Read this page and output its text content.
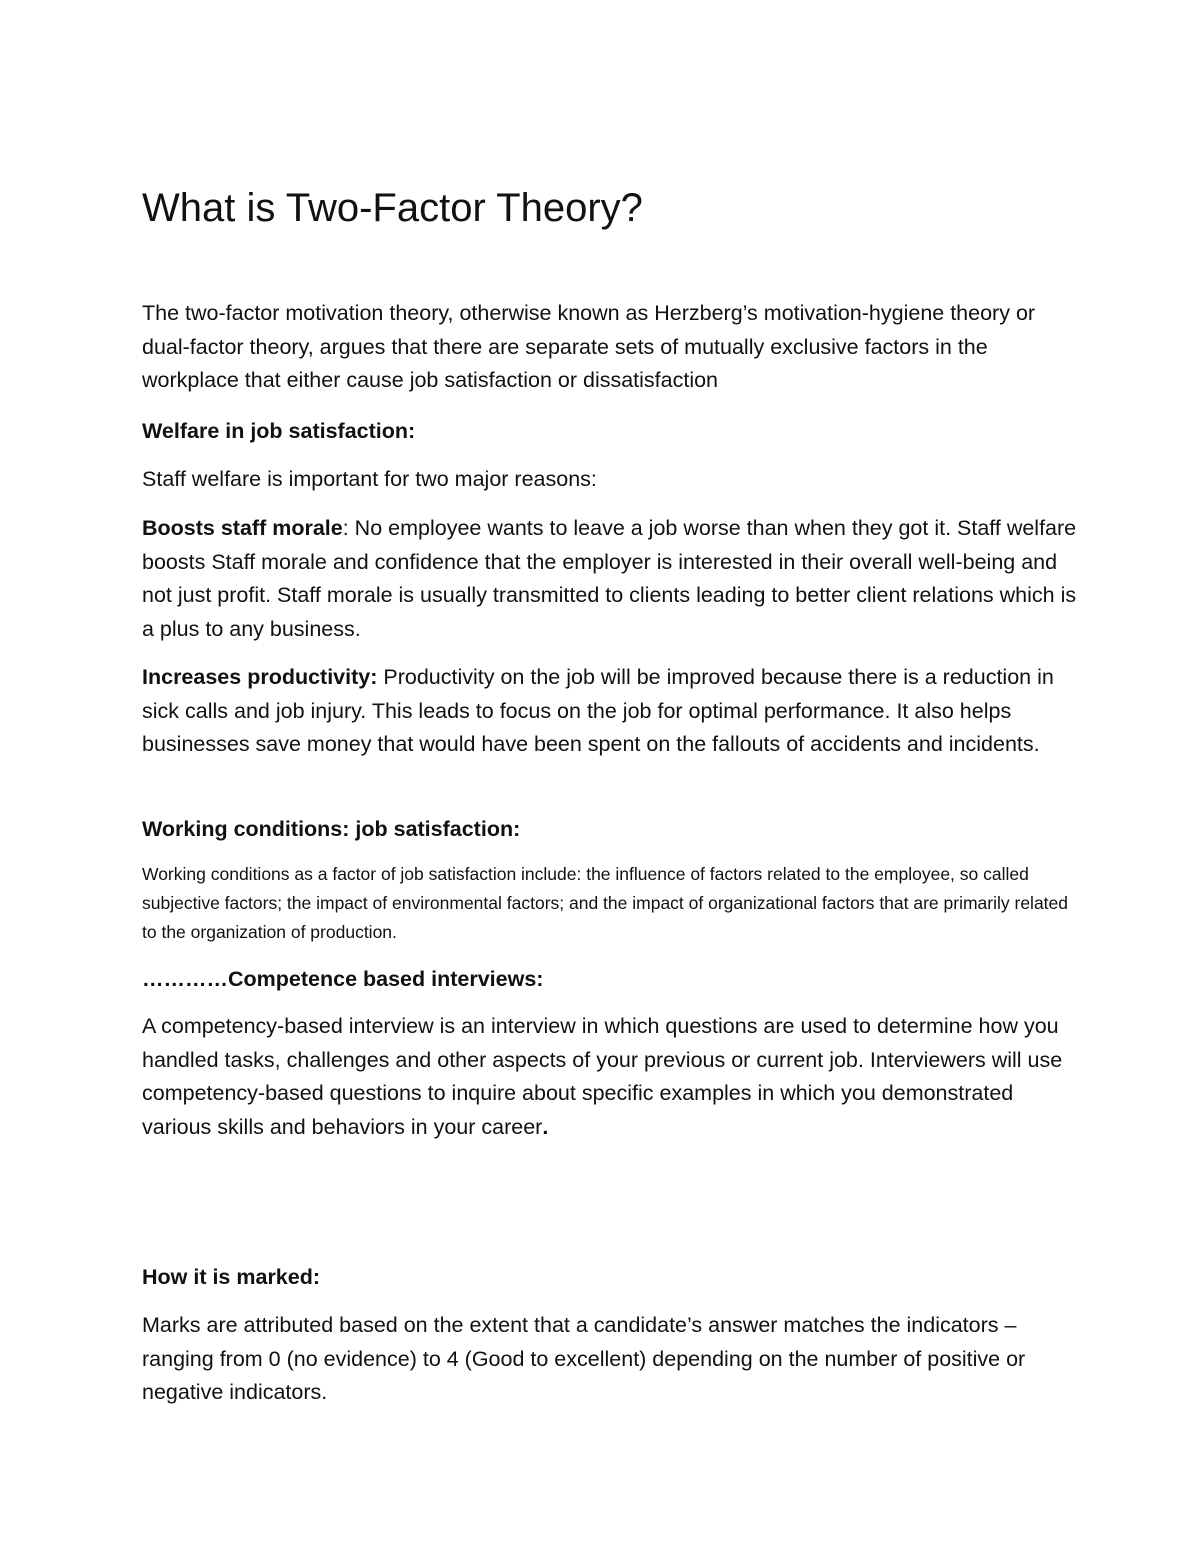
What is Two-Factor Theory?

The two-factor motivation theory, otherwise known as Herzberg’s motivation-hygiene theory or dual-factor theory, argues that there are separate sets of mutually exclusive factors in the workplace that either cause job satisfaction or dissatisfaction

Welfare in job satisfaction:

Staff welfare is important for two major reasons:

Boosts staff morale: No employee wants to leave a job worse than when they got it. Staff welfare boosts Staff morale and confidence that the employer is interested in their overall well-being and not just profit. Staff morale is usually transmitted to clients leading to better client relations which is a plus to any business.

Increases productivity: Productivity on the job will be improved because there is a reduction in sick calls and job injury. This leads to focus on the job for optimal performance. It also helps businesses save money that would have been spent on the fallouts of accidents and incidents.

Working conditions: job satisfaction:

Working conditions as a factor of job satisfaction include: the influence of factors related to the employee, so called subjective factors; the impact of environmental factors; and the impact of organizational factors that are primarily related to the organization of production.

…………Competence based interviews:

A competency-based interview is an interview in which questions are used to determine how you handled tasks, challenges and other aspects of your previous or current job. Interviewers will use competency-based questions to inquire about specific examples in which you demonstrated various skills and behaviors in your career.

How it is marked:

Marks are attributed based on the extent that a candidate’s answer matches the indicators – ranging from 0 (no evidence) to 4 (Good to excellent) depending on the number of positive or negative indicators.
